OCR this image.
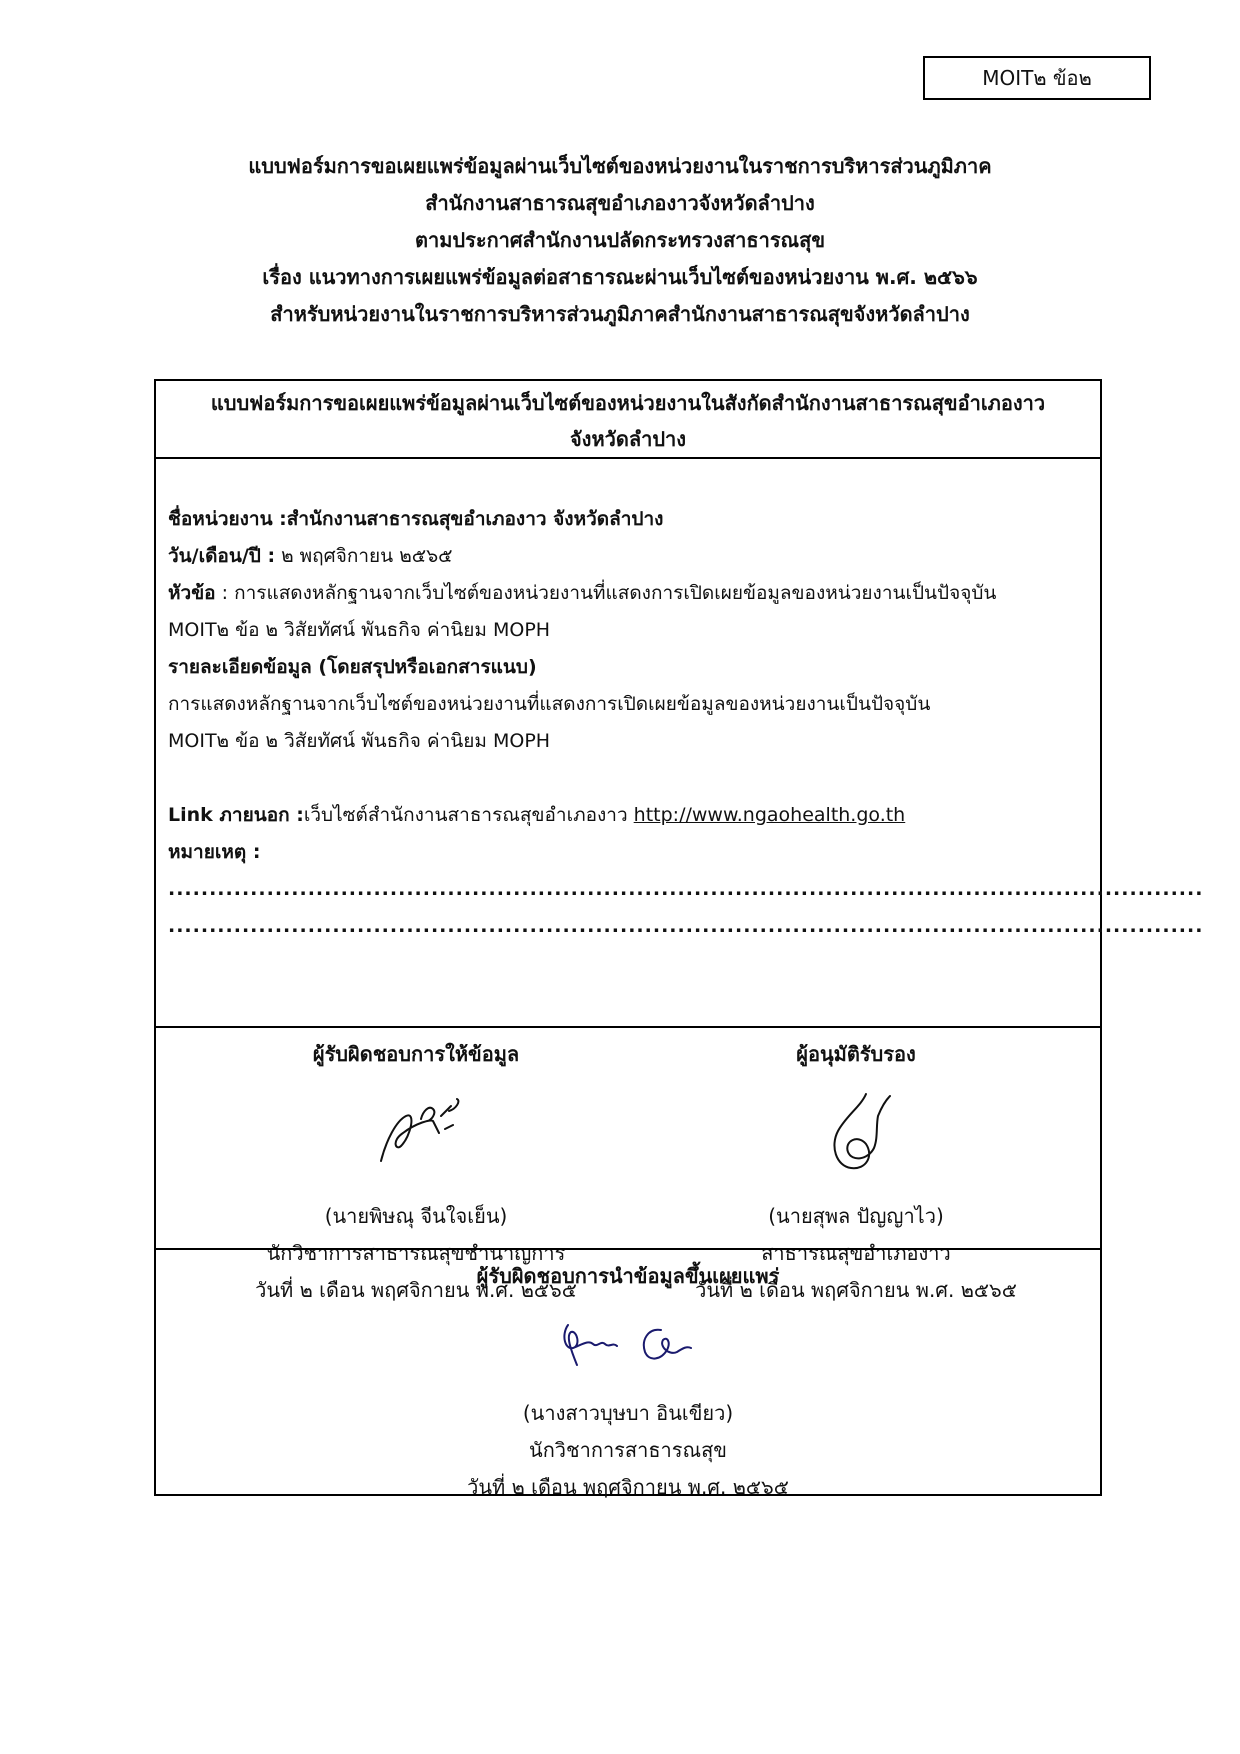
MOIT๒ ข้อ๒
แบบฟอร์มการขอเผยแพร่ข้อมูลผ่านเว็บไซต์ของหน่วยงานในราชการบริหารส่วนภูมิภาค
สำนักงานสาธารณสุขอำเภองาวจังหวัดลำปาง
ตามประกาศสำนักงานปลัดกระทรวงสาธารณสุข
เรื่อง แนวทางการเผยแพร่ข้อมูลต่อสาธารณะผ่านเว็บไซต์ของหน่วยงาน พ.ศ. ๒๕๖๖
สำหรับหน่วยงานในราชการบริหารส่วนภูมิภาคสำนักงานสาธารณสุขจังหวัดลำปาง
แบบฟอร์มการขอเผยแพร่ข้อมูลผ่านเว็บไซต์ของหน่วยงานในสังกัดสำนักงานสาธารณสุขอำเภองาว
จังหวัดลำปาง
ชื่อหน่วยงาน :สำนักงานสาธารณสุขอำเภองาว จังหวัดลำปาง
วัน/เดือน/ปี : ๒ พฤศจิกายน ๒๕๖๕
หัวข้อ : การแสดงหลักฐานจากเว็บไซต์ของหน่วยงานที่แสดงการเปิดเผยข้อมูลของหน่วยงานเป็นปัจจุบัน
MOIT๒ ข้อ ๒ วิสัยทัศน์ พันธกิจ ค่านิยม MOPH
รายละเอียดข้อมูล (โดยสรุปหรือเอกสารแนบ)
การแสดงหลักฐานจากเว็บไซต์ของหน่วยงานที่แสดงการเปิดเผยข้อมูลของหน่วยงานเป็นปัจจุบัน
MOIT๒ ข้อ ๒ วิสัยทัศน์ พันธกิจ ค่านิยม MOPH
Link ภายนอก :เว็บไซต์สำนักงานสาธารณสุขอำเภองาว http://www.ngaohealth.go.th
หมายเหตุ :
..............................................................................................................................
..............................................................................................................................
ผู้รับผิดชอบการให้ข้อมูล
(นายพิษณุ จีนใจเย็น)
นักวิชาการสาธารณสุขชำนาญการ
วันที่ ๒ เดือน พฤศจิกายน พ.ศ. ๒๕๖๕
ผู้อนุมัติรับรอง
(นายสุพล ปัญญาไว)
สาธารณสุขอำเภองาว
วันที่ ๒ เดือน พฤศจิกายน พ.ศ. ๒๕๖๕
ผู้รับผิดชอบการนำข้อมูลขึ้นเผยแพร่
(นางสาวบุษบา อินเขียว)
นักวิชาการสาธารณสุข
วันที่ ๒ เดือน พฤศจิกายน พ.ศ. ๒๕๖๕
